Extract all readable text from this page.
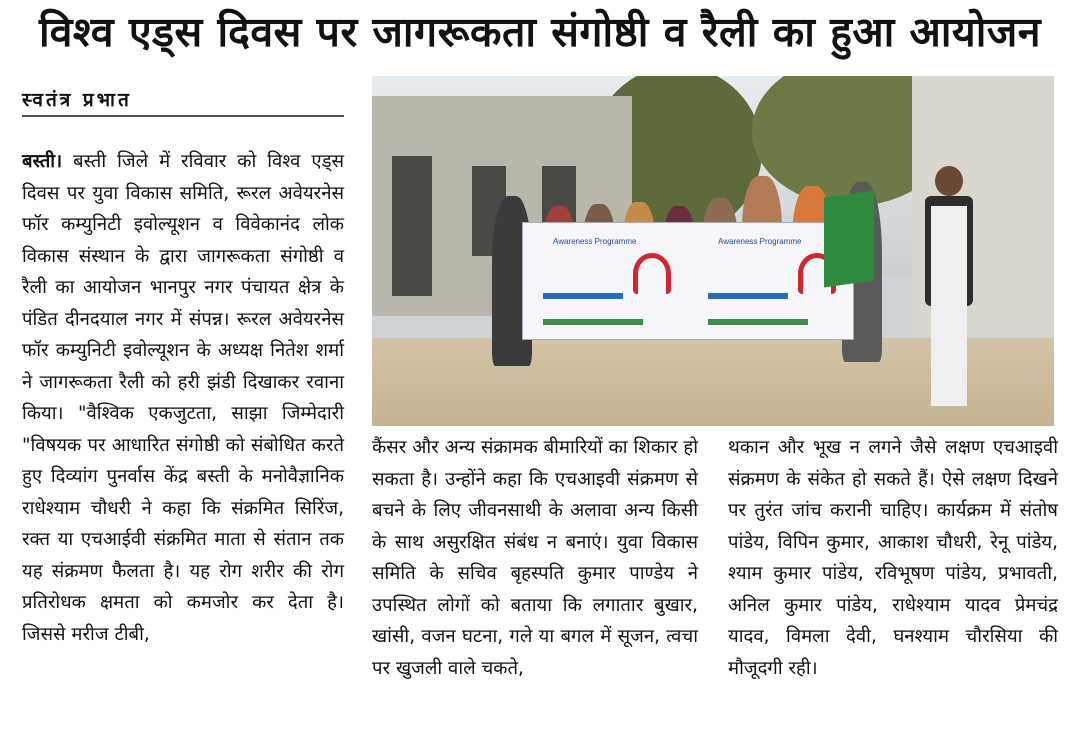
विश्व एड्स दिवस पर जागरूकता संगोष्ठी व रैली का हुआ आयोजन
स्वतंत्र प्रभात

बस्ती। बस्ती जिले में रविवार को विश्व एड्स दिवस पर युवा विकास समिति, रूरल अवेयरनेस फॉर कम्युनिटी इवोल्यूशन व विवेकानंद लोक विकास संस्थान के द्वारा जागरूकता संगोष्ठी व रैली का आयोजन भानपुर नगर पंचायत क्षेत्र के पंडित दीनदयाल नगर में संपन्न। रूरल अवेयरनेस फॉर कम्युनिटी इवोल्यूशन के अध्यक्ष नितेश शर्मा ने जागरूकता रैली को हरी झंडी दिखाकर रवाना किया। "वैश्विक एकजुटता, साझा जिम्मेदारी "विषयक पर आधारित संगोष्ठी को संबोधित करते हुए दिव्यांग पुनर्वास केंद्र बस्ती के मनोवैज्ञानिक राधेश्याम चौधरी ने कहा कि संक्रमित सिरिंज, रक्त या एचआईवी संक्रमित माता से संतान तक यह संक्रमण फैलता है। यह रोग शरीर की रोग प्रतिरोधक क्षमता को कमजोर कर देता है। जिससे मरीज टीबी,

Awareness Programme	Awareness Programme

कैंसर और अन्य संक्रामक बीमारियों का शिकार हो सकता है। उन्होंने कहा कि एचआइवी संक्रमण से बचने के लिए जीवनसाथी के अलावा अन्य किसी के साथ असुरक्षित संबंध न बनाएं। युवा विकास समिति के सचिव बृहस्पति कुमार पाण्डेय ने उपस्थित लोगों को बताया कि लगातार बुखार, खांसी, वजन घटना, गले या बगल में सूजन, त्वचा पर खुजली वाले चकते,

थकान और भूख न लगने जैसे लक्षण एचआइवी संक्रमण के संकेत हो सकते हैं। ऐसे लक्षण दिखने पर तुरंत जांच करानी चाहिए। कार्यक्रम में संतोष पांडेय, विपिन कुमार, आकाश चौधरी, रेनू पांडेय, श्याम कुमार पांडेय, रविभूषण पांडेय, प्रभावती, अनिल कुमार पांडेय, राधेश्याम यादव प्रेमचंद्र यादव, विमला देवी, घनश्याम चौरसिया की मौजूदगी रही।
